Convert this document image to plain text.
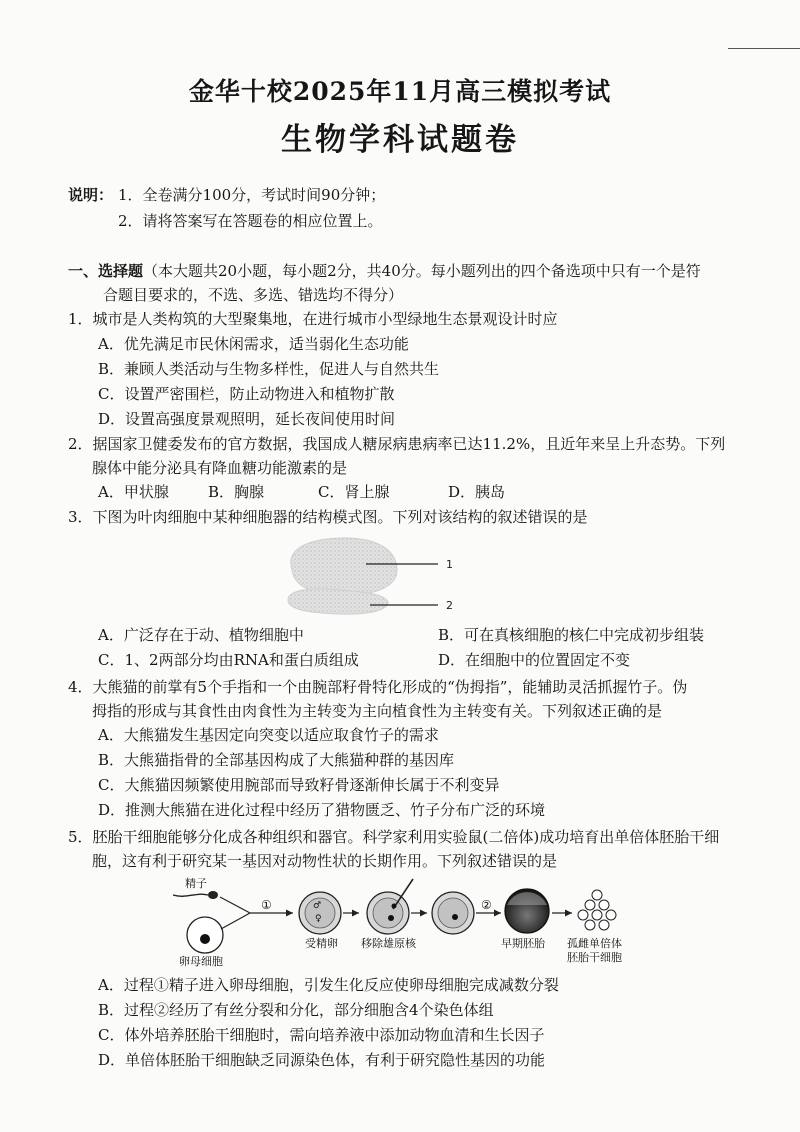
金华十校2025年11月高三模拟考试
生物学科试题卷
说明： 1．全卷满分100分，考试时间90分钟；
2．请将答案写在答题卷的相应位置上。
一、选择题（本大题共20小题，每小题2分，共40分。每小题列出的四个备选项中只有一个是符
合题目要求的，不选、多选、错选均不得分）
1．城市是人类构筑的大型聚集地，在进行城市小型绿地生态景观设计时应
A．优先满足市民休闲需求，适当弱化生态功能
B．兼顾人类活动与生物多样性，促进人与自然共生
C．设置严密围栏，防止动物进入和植物扩散
D．设置高强度景观照明，延长夜间使用时间
2．据国家卫健委发布的官方数据，我国成人糖尿病患病率已达11.2%，且近年来呈上升态势。下列
腺体中能分泌具有降血糖功能激素的是
A．甲状腺	B．胸腺	C．肾上腺	D．胰岛
3．下图为叶肉细胞中某种细胞器的结构模式图。下列对该结构的叙述错误的是
1
2
A．广泛存在于动、植物细胞中	B．可在真核细胞的核仁中完成初步组装
C．1、2两部分均由RNA和蛋白质组成	D．在细胞中的位置固定不变
4．大熊猫的前掌有5个手指和一个由腕部籽骨特化形成的“伪拇指”，能辅助灵活抓握竹子。伪
拇指的形成与其食性由肉食性为主转变为主向植食性为主转变有关。下列叙述正确的是
A．大熊猫发生基因定向突变以适应取食竹子的需求
B．大熊猫指骨的全部基因构成了大熊猫种群的基因库
C．大熊猫因频繁使用腕部而导致籽骨逐渐伸长属于不利变异
D．推测大熊猫在进化过程中经历了猎物匮乏、竹子分布广泛的环境
5．胚胎干细胞能够分化成各种组织和器官。科学家利用实验鼠(二倍体)成功培育出单倍体胚胎干细
胞，这有利于研究某一基因对动物性状的长期作用。下列叙述错误的是
精子
卵母细胞
①	♂
♀
受精卵 移除雄原核
②
早期胚胎 孤雌单倍体
胚胎干细胞
A．过程①精子进入卵母细胞，引发生化反应使卵母细胞完成减数分裂
B．过程②经历了有丝分裂和分化，部分细胞含4个染色体组
C．体外培养胚胎干细胞时，需向培养液中添加动物血清和生长因子
D．单倍体胚胎干细胞缺乏同源染色体，有利于研究隐性基因的功能
